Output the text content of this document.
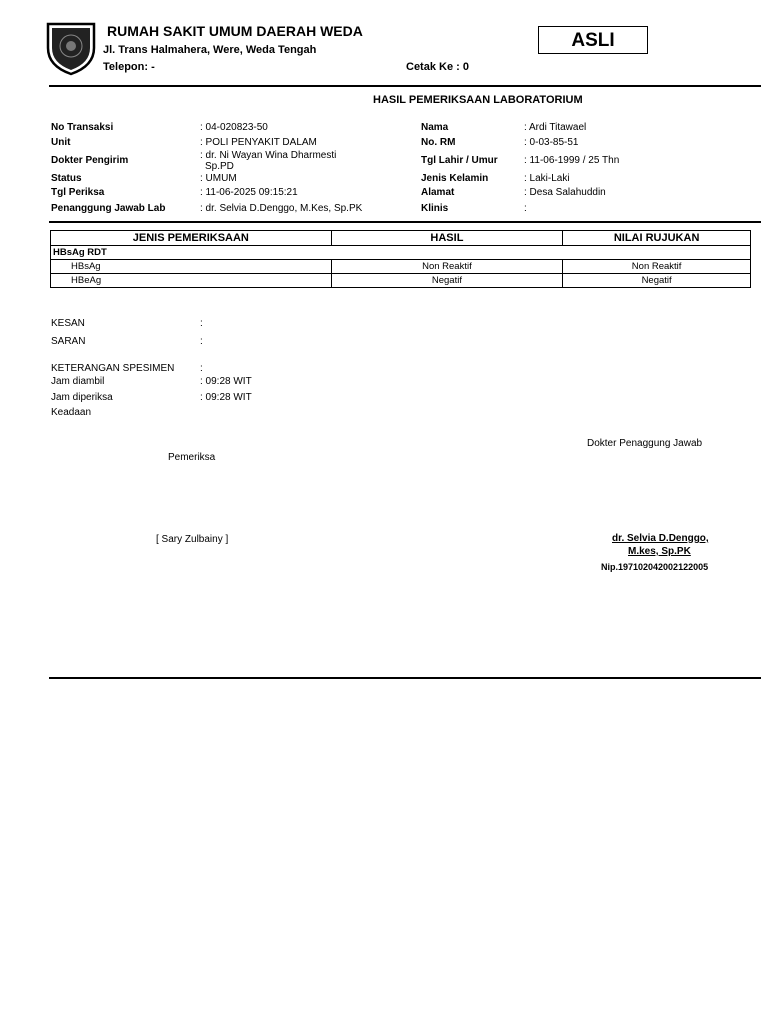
RUMAH SAKIT UMUM DAERAH WEDA
Jl. Trans Halmahera, Were, Weda Tengah
Telepon: -	Cetak Ke : 0
ASLI
HASIL PEMERIKSAAN LABORATORIUM
No Transaksi	: 04-020823-50
Unit	: POLI PENYAKIT DALAM
Dokter Pengirim	: dr. Ni Wayan Wina Dharmesti
Sp.PD
Status	: UMUM
Tgl Periksa	: 11-06-2025 09:15:21
Penanggung Jawab Lab	: dr. Selvia D.Denggo, M.Kes, Sp.PK
Nama	: Ardi Titawael
No. RM	: 0-03-85-51
Tgl Lahir / Umur	: 11-06-1999 / 25 Thn
Jenis Kelamin	: Laki-Laki
Alamat	: Desa Salahuddin
Klinis	:
JENIS PEMERIKSAAN	HASIL	NILAI RUJUKAN
HBsAg RDT		
HBsAg	Non Reaktif	Non Reaktif
HBeAg	Negatif	Negatif
KESAN	:
SARAN	:
KETERANGAN SPESIMEN	:
Jam diambil	: 09:28 WIT
Jam diperiksa	: 09:28 WIT
Keadaan
Dokter Penaggung Jawab
Pemeriksa
[ Sary Zulbainy ]	dr. Selvia D.Denggo,
M.kes, Sp.PK
Nip.197102042002122005
